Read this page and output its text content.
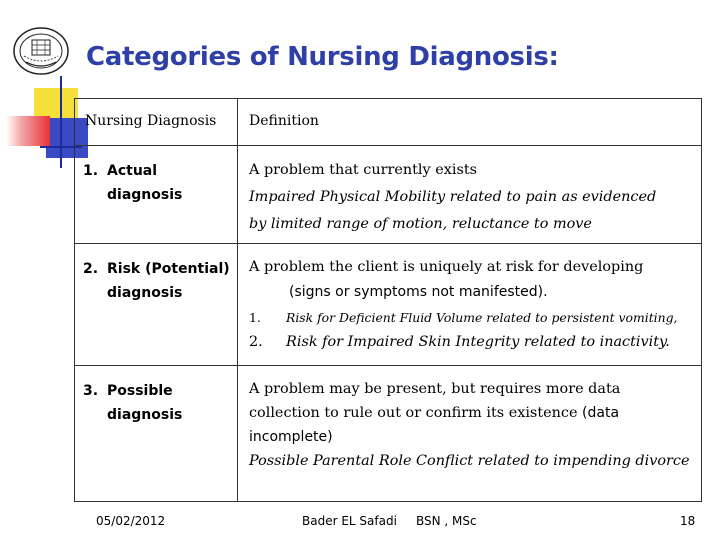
Categories of Nursing Diagnosis:
Nursing Diagnosis Definition
1. Actual diagnosis
A problem that currently exists
Impaired Physical Mobility related to pain as evidenced
by limited range of motion, reluctance to move
2. Risk (Potential) diagnosis
A problem the client is uniquely at risk for developing
(signs or symptoms not manifested).
1. Risk for Deficient Fluid Volume related to persistent vomiting,
2. Risk for Impaired Skin Integrity related to inactivity.
3. Possible diagnosis
A problem may be present, but requires more data
collection to rule out or confirm its existence (data
incomplete)
Possible Parental Role Conflict related to impending divorce
05/02/2012	Bader EL Safadi     BSN , MSc	18
